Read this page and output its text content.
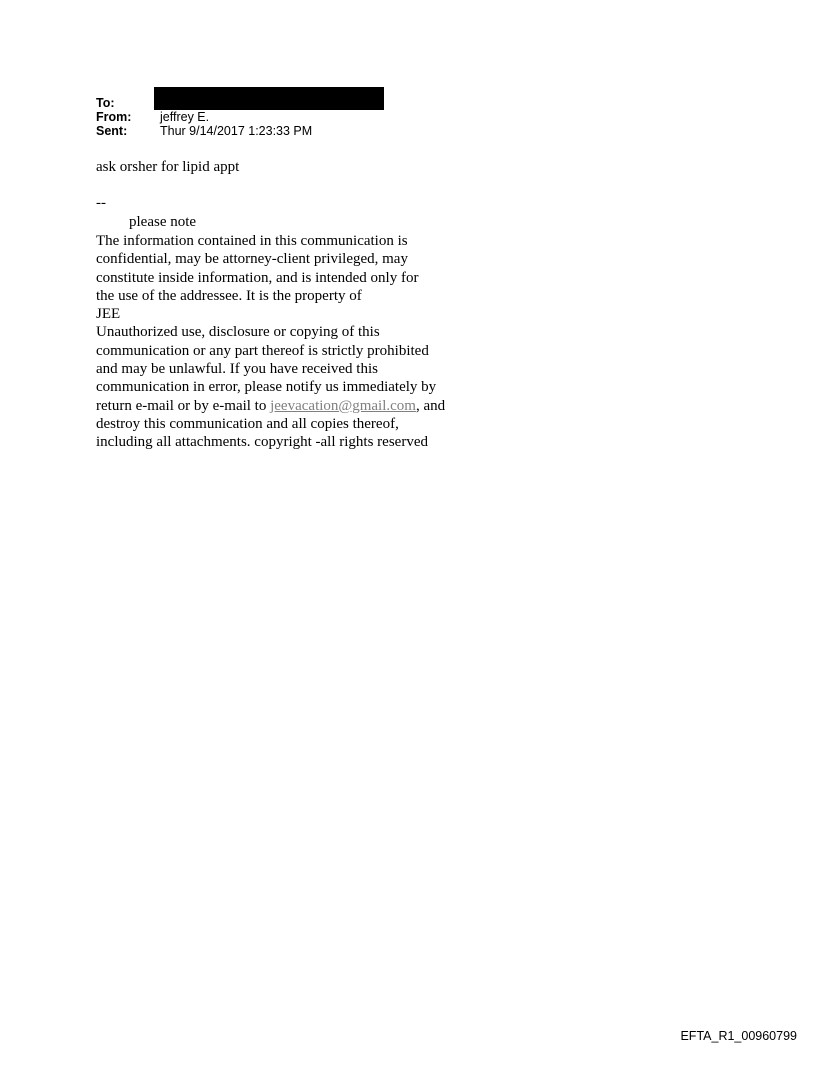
To:
From:	jeffrey E.
Sent:	Thur 9/14/2017 1:23:33 PM
ask orsher for lipid appt
--
please note
The information contained in this communication is
confidential, may be attorney-client privileged, may
constitute inside information, and is intended only for
the use of the addressee. It is the property of
JEE
Unauthorized use, disclosure or copying of this
communication or any part thereof is strictly prohibited
and may be unlawful. If you have received this
communication in error, please notify us immediately by
return e-mail or by e-mail to jeevacation@gmail.com, and
destroy this communication and all copies thereof,
including all attachments. copyright -all rights reserved
EFTA_R1_00960799
